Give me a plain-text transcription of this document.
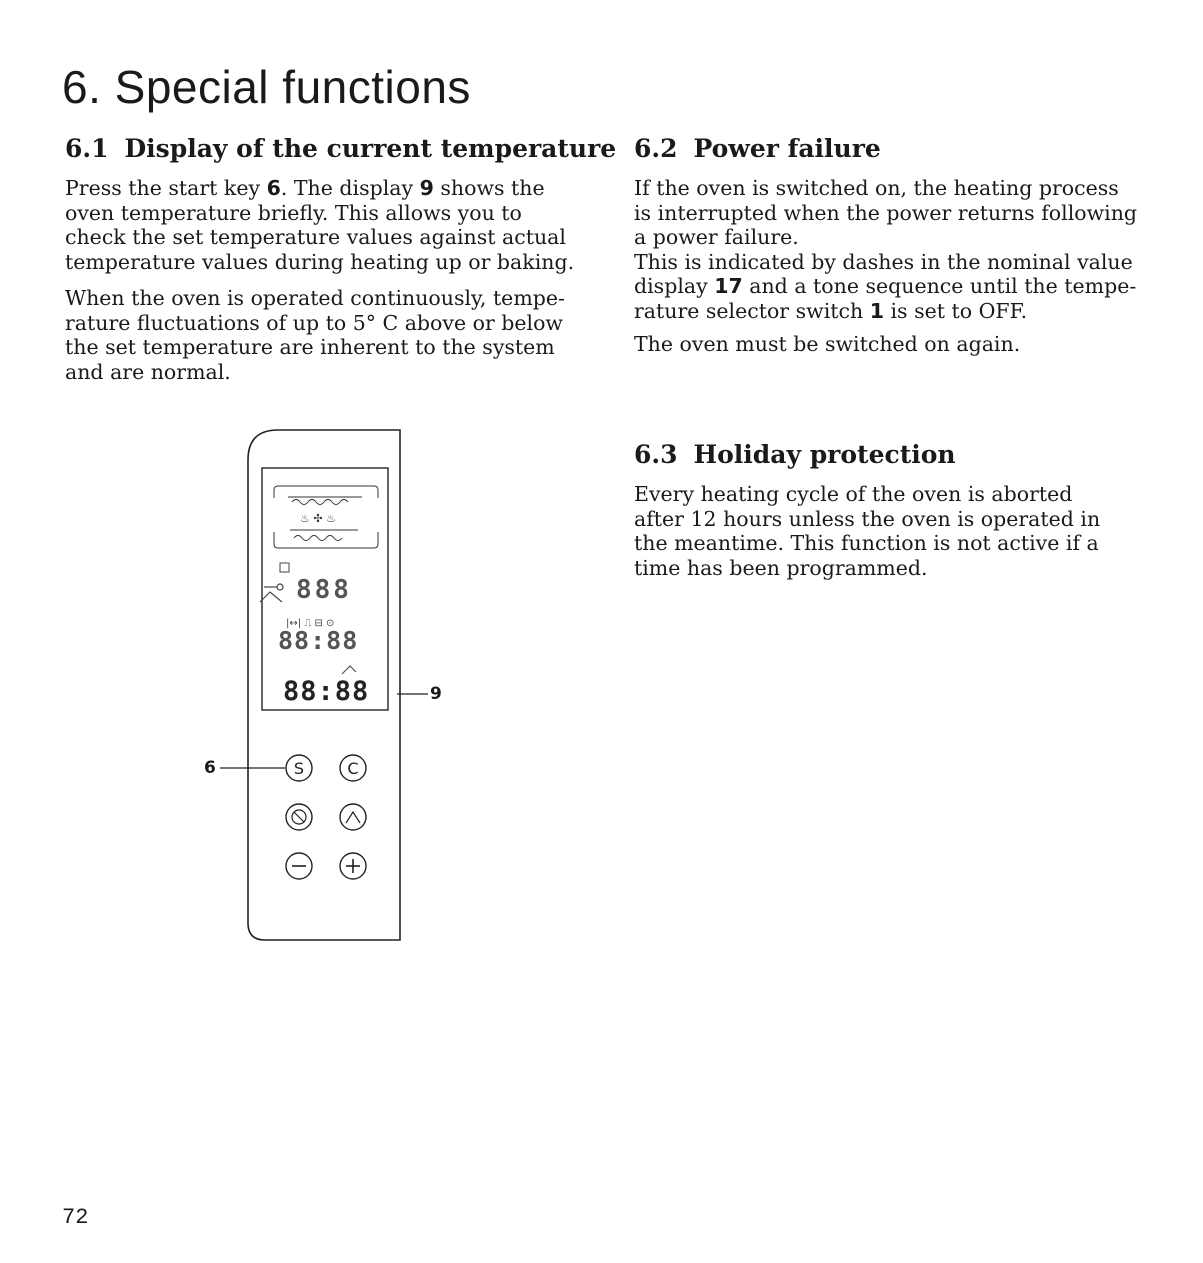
6. Special functions
6.1 Display of the current temperature

Press the start key 6. The display 9 shows the
oven temperature briefly. This allows you to
check the set temperature values against actual
temperature values during heating up or baking.

When the oven is operated continuously, tempe-
rature fluctuations of up to 5° C above or below
the set temperature are inherent to the system
and are normal.

6.2 Power failure

If the oven is switched on, the heating process
is interrupted when the power returns following
a power failure.
This is indicated by dashes in the nominal value
display 17 and a tone sequence until the tempe-
rature selector switch 1 is set to OFF.

The oven must be switched on again.

6.3 Holiday protection

Every heating cycle of the oven is aborted
after 12 hours unless the oven is operated in
the meantime. This function is not active if a
time has been programmed.

♨ ✣ ♨
|↔| ⎍ ⊟ ⊙
S	C
888
88:88
88:88
6
9

72
